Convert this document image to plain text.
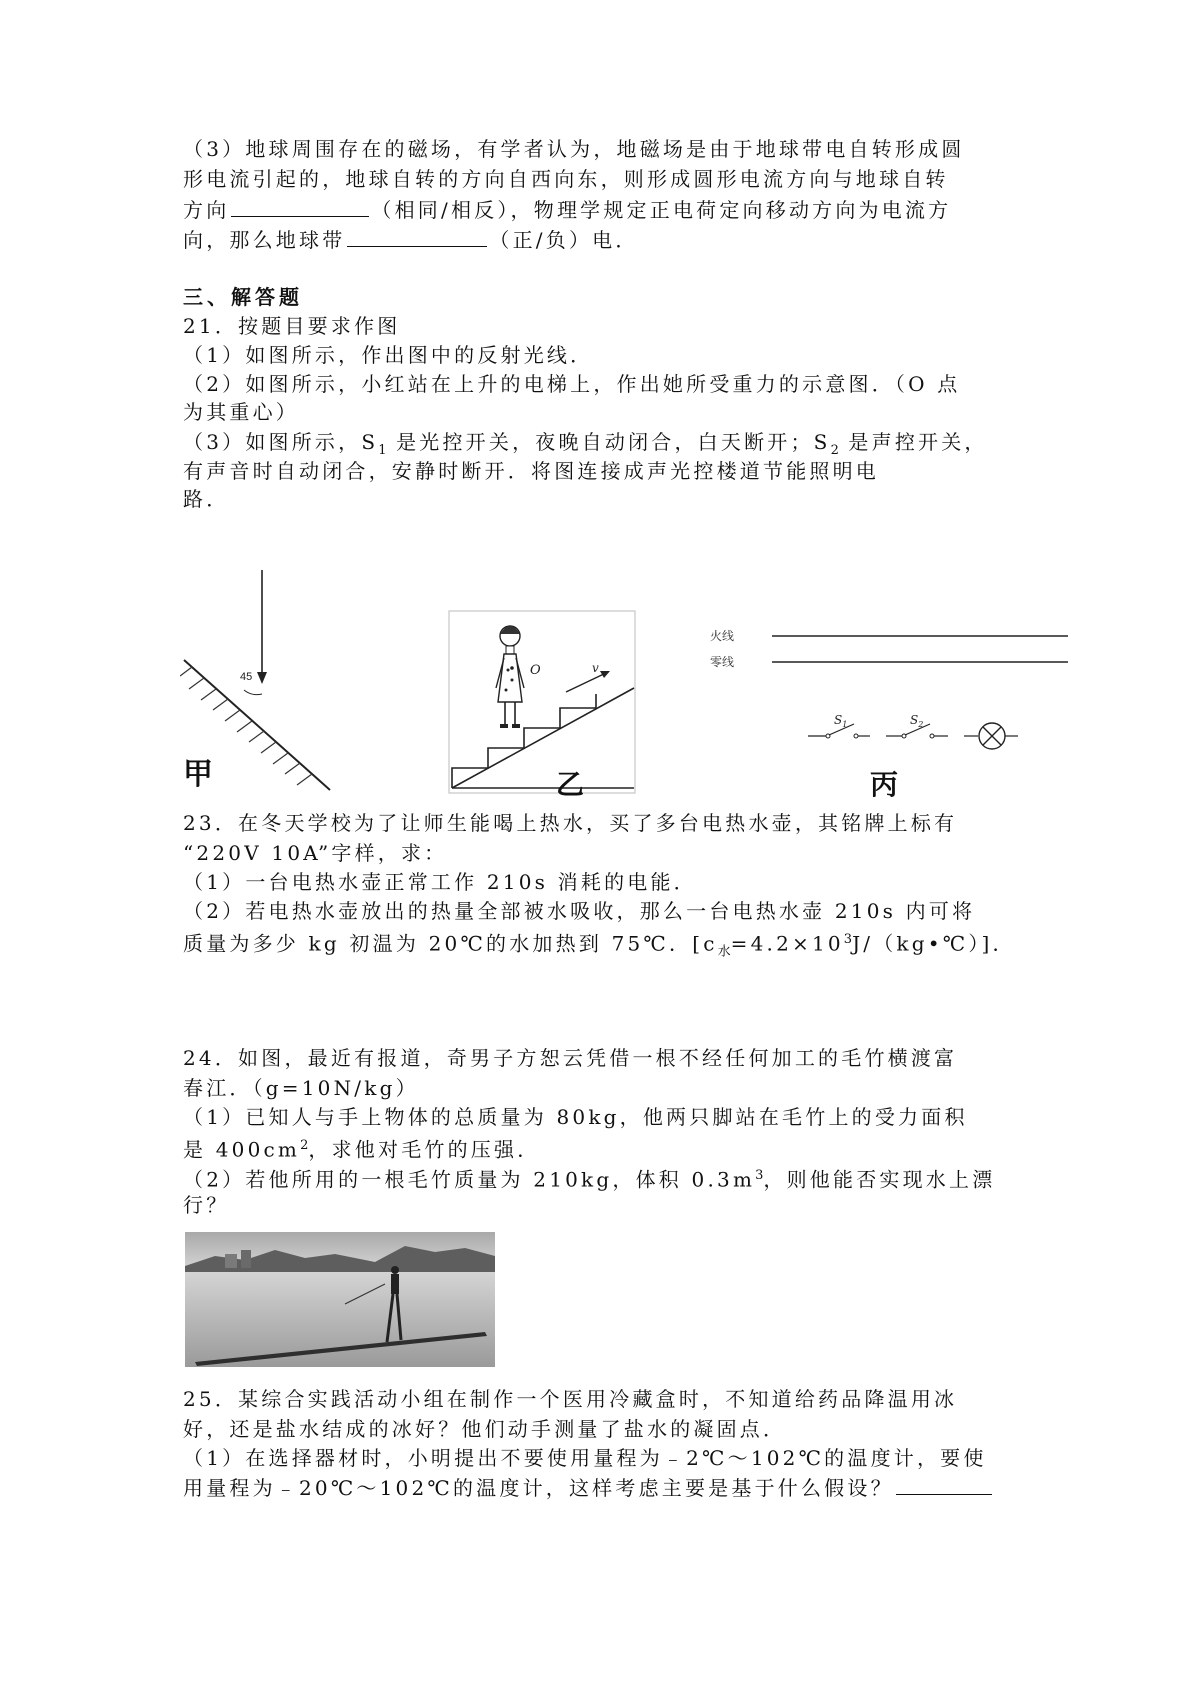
（3）地球周围存在的磁场，有学者认为，地磁场是由于地球带电自转形成圆
形电流引起的，地球自转的方向自西向东，则形成圆形电流方向与地球自转
方向	（相同/相反），物理学规定正电荷定向移动方向为电流方
向，那么地球带	（正/负）电．
三、解答题
21．按题目要求作图
（1）如图所示，作出图中的反射光线．
（2）如图所示，小红站在上升的电梯上，作出她所受重力的示意图．（O 点
为其重心）
（3）如图所示，$S_1$ 是光控开关，夜晚自动闭合，白天断开；$S_2$ 是声控开关，
有声音时自动闭合，安静时断开．将图连接成声光控楼道节能照明电
路．
45
甲
O	v
乙
火线
零线
$S_1$	$S_2$
丙
23．在冬天学校为了让师生能喝上热水，买了多台电热水壶，其铭牌上标有
“220V 10A”字样，求：
（1）一台电热水壶正常工作 210s 消耗的电能．
（2）若电热水壶放出的热量全部被水吸收，那么一台电热水壶 210s 内可将
质量为多少 kg 初温为 20℃的水加热到 75℃．$[c_水=4.2\times 10^3J/(kg•℃)]$．
24．如图，最近有报道，奇男子方恕云凭借一根不经任何加工的毛竹横渡富
春江．（g=10N/kg）
（1）已知人与手上物体的总质量为 80kg，他两只脚站在毛竹上的受力面积
是 $400cm^2$，求他对毛竹的压强．
（2）若他所用的一根毛竹质量为 210kg，体积 $0.3m^3$，则他能否实现水上漂
行？
25．某综合实践活动小组在制作一个医用冷藏盒时，不知道给药品降温用冰
好，还是盐水结成的冰好？他们动手测量了盐水的凝固点．
（1）在选择器材时，小明提出不要使用量程为﹣2℃～102℃的温度计，要使
用量程为﹣20℃～102℃的温度计，这样考虑主要是基于什么假设？
